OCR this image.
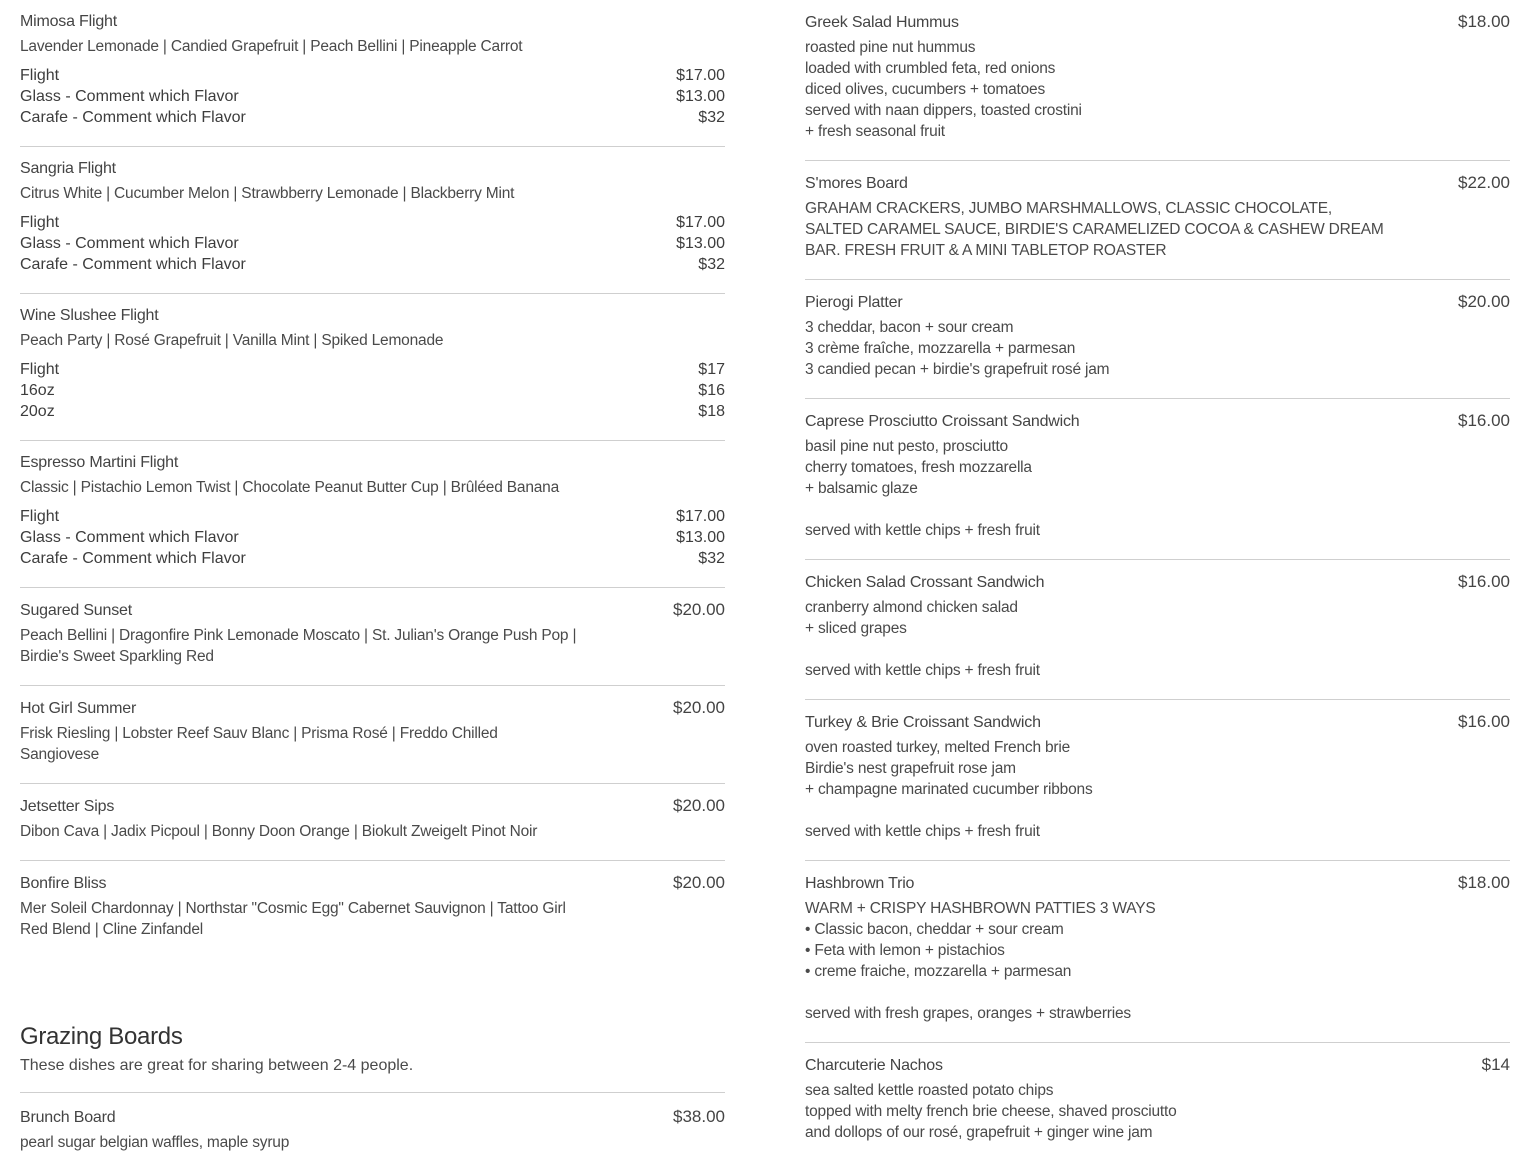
Mimosa Flight
Lavender Lemonade | Candied Grapefruit | Peach Bellini | Pineapple Carrot
Flight	$17.00
Glass - Comment which Flavor	$13.00
Carafe - Comment which Flavor	$32
Sangria Flight
Citrus White | Cucumber Melon | Strawbberry Lemonade | Blackberry Mint
Flight	$17.00
Glass - Comment which Flavor	$13.00
Carafe - Comment which Flavor	$32
Wine Slushee Flight
Peach Party | Rosé Grapefruit | Vanilla Mint | Spiked Lemonade
Flight	$17
16oz	$16
20oz	$18
Espresso Martini Flight
Classic | Pistachio Lemon Twist | Chocolate Peanut Butter Cup | Brûléed Banana
Flight	$17.00
Glass - Comment which Flavor	$13.00
Carafe - Comment which Flavor	$32
Sugared Sunset	$20.00
Peach Bellini | Dragonfire Pink Lemonade Moscato | St. Julian's Orange Push Pop | Birdie's Sweet Sparkling Red
Hot Girl Summer	$20.00
Frisk Riesling | Lobster Reef Sauv Blanc | Prisma Rosé | Freddo Chilled Sangiovese
Jetsetter Sips	$20.00
Dibon Cava | Jadix Picpoul | Bonny Doon Orange | Biokult Zweigelt Pinot Noir
Bonfire Bliss	$20.00
Mer Soleil Chardonnay | Northstar "Cosmic Egg" Cabernet Sauvignon | Tattoo Girl Red Blend | Cline Zinfandel
Grazing Boards
These dishes are great for sharing between 2-4 people.
Brunch Board	$38.00
pearl sugar belgian waffles, maple syrup
Greek Salad Hummus	$18.00
roasted pine nut hummus
loaded with crumbled feta, red onions
diced olives, cucumbers + tomatoes
served with naan dippers, toasted crostini
+ fresh seasonal fruit
S'mores Board	$22.00
GRAHAM CRACKERS, JUMBO MARSHMALLOWS, CLASSIC CHOCOLATE,
SALTED CARAMEL SAUCE, BIRDIE'S CARAMELIZED COCOA & CASHEW DREAM
BAR. FRESH FRUIT & A MINI TABLETOP ROASTER
Pierogi Platter	$20.00
3 cheddar, bacon + sour cream
3 crème fraîche, mozzarella + parmesan
3 candied pecan + birdie's grapefruit rosé jam
Caprese Prosciutto Croissant Sandwich	$16.00
basil pine nut pesto, prosciutto
cherry tomatoes, fresh mozzarella
+ balsamic glaze
served with kettle chips + fresh fruit
Chicken Salad Crossant Sandwich	$16.00
cranberry almond chicken salad
+ sliced grapes
served with kettle chips + fresh fruit
Turkey & Brie Croissant Sandwich	$16.00
oven roasted turkey, melted French brie
Birdie's nest grapefruit rose jam
+ champagne marinated cucumber ribbons
served with kettle chips + fresh fruit
Hashbrown Trio	$18.00
WARM + CRISPY HASHBROWN PATTIES 3 WAYS
• Classic bacon, cheddar + sour cream
• Feta with lemon + pistachios
• creme fraiche, mozzarella + parmesan
served with fresh grapes, oranges + strawberries
Charcuterie Nachos	$14
sea salted kettle roasted potato chips
topped with melty french brie cheese, shaved prosciutto
and dollops of our rosé, grapefruit + ginger wine jam
